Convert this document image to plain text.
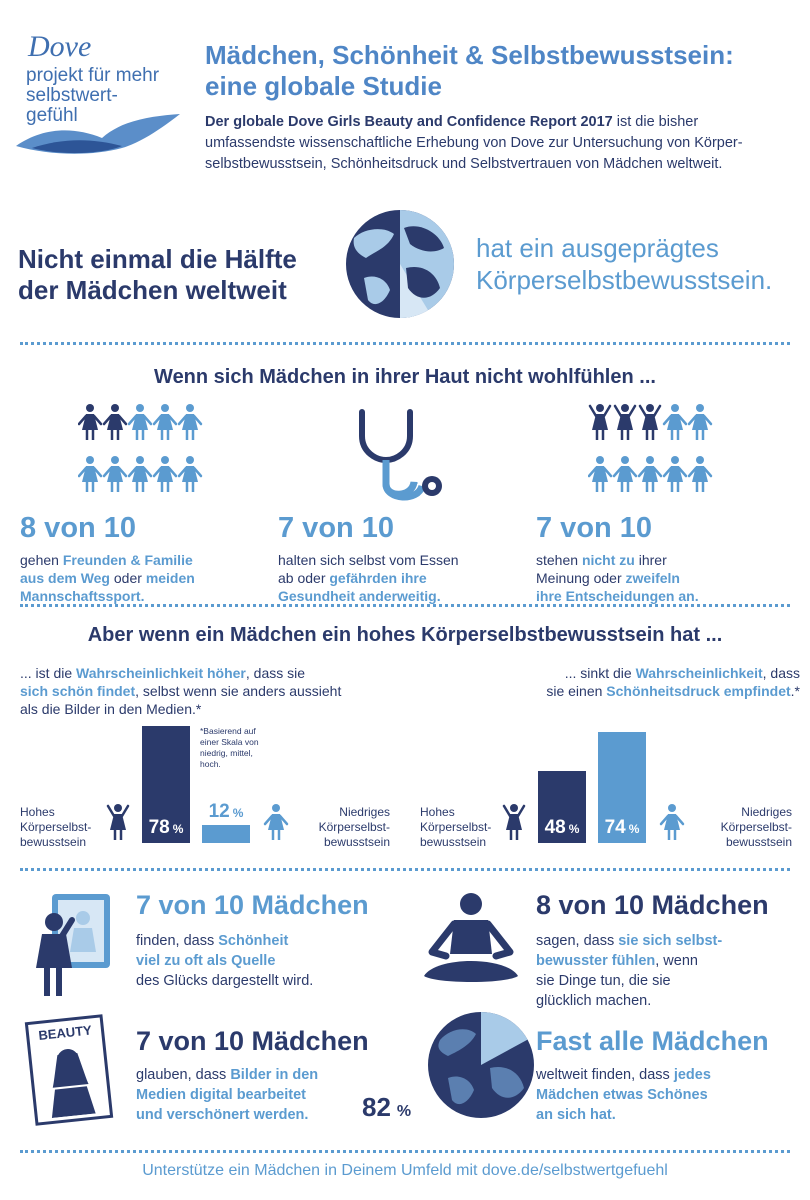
Dove
projekt für mehr
selbstwert-
gefühl
Mädchen, Schönheit & Selbstbewusstsein:
eine globale Studie
Der globale Dove Girls Beauty and Confidence Report 2017 ist die bisher
umfassendste wissenschaftliche Erhebung von Dove zur Untersuchung von Körper-
selbstbewusstsein, Schönheitsdruck und Selbstvertrauen von Mädchen weltweit.
Nicht einmal die Hälfte
der Mädchen weltweit
hat ein ausgeprägtes
Körperselbstbewusstsein.
Wenn sich Mädchen in ihrer Haut nicht wohlfühlen ...
8 von 10
gehen Freunden & Familie
aus dem Weg oder meiden
Mannschaftssport.
7 von 10
halten sich selbst vom Essen
ab oder gefährden ihre
Gesundheit anderweitig.
7 von 10
stehen nicht zu ihrer
Meinung oder zweifeln
ihre Entscheidungen an.
Aber wenn ein Mädchen ein hohes Körperselbstbewusstsein hat ...
... ist die Wahrscheinlichkeit höher, dass sie
sich schön findet, selbst wenn sie anders aussieht
als die Bilder in den Medien.*
*Basierend auf
einer Skala von
niedrig, mittel,
hoch.
... sinkt die Wahrscheinlichkeit, dass
sie einen Schönheitsdruck empfindet.*
Hohes
Körperselbst-
bewusstsein
Niedriges
Körperselbst-
bewusstsein
78 %
12 %	Hohes
Körperselbst-
bewusstsein
Niedriges
Körperselbst-
bewusstsein
48 % 74 %
7 von 10 Mädchen
finden, dass Schönheit
viel zu oft als Quelle
des Glücks dargestellt wird.
8 von 10 Mädchen
sagen, dass sie sich selbst-
bewusster fühlen, wenn
sie Dinge tun, die sie
glücklich machen.
BEAUTY	7 von 10 Mädchen
glauben, dass Bilder in den
Medien digital bearbeitet
und verschönert werden.	82 %
Fast alle Mädchen
weltweit finden, dass jedes
Mädchen etwas Schönes
an sich hat.
Unterstütze ein Mädchen in Deinem Umfeld mit dove.de/selbstwertgefuehl
